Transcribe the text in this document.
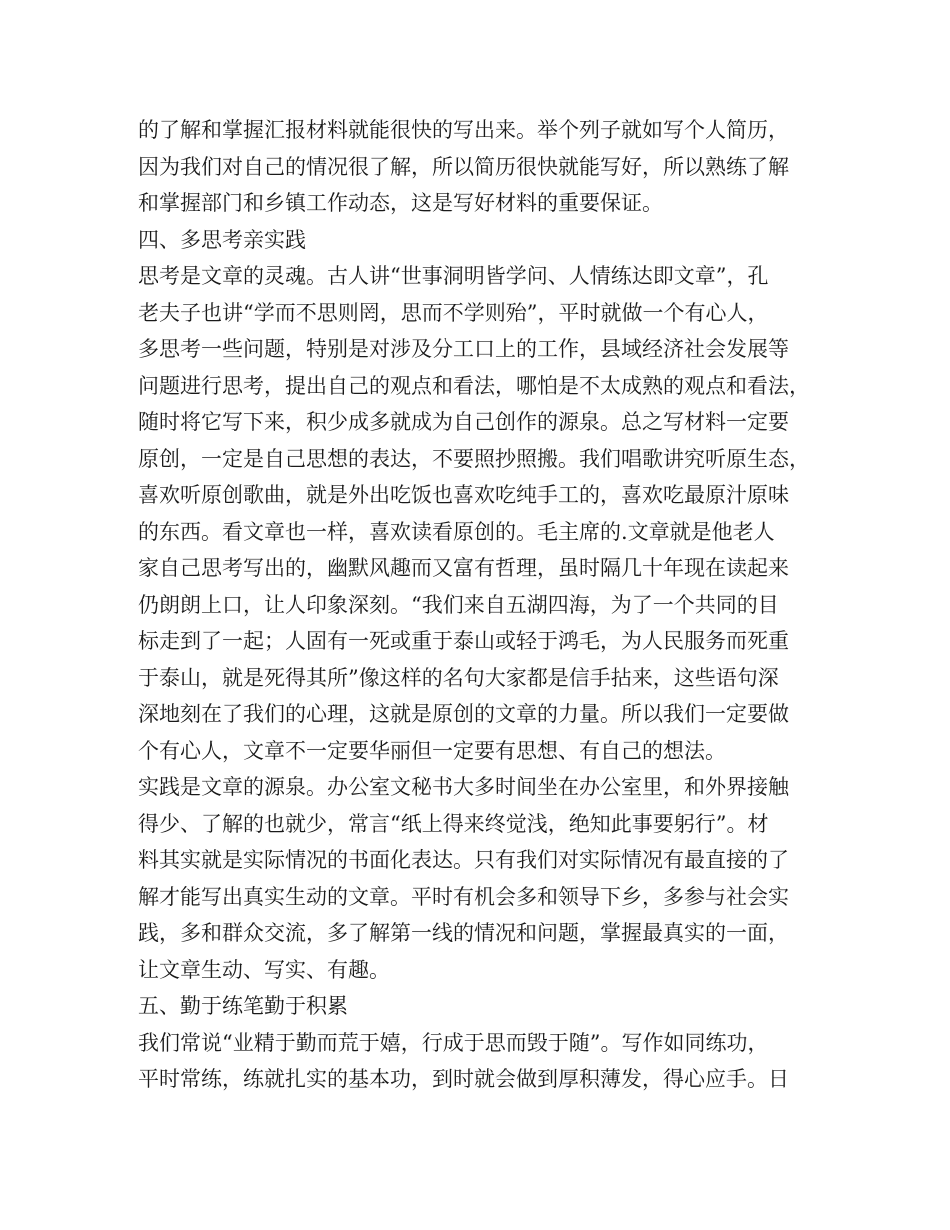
的了解和掌握汇报材料就能很快的写出来。举个列子就如写个人简历，
因为我们对自己的情况很了解，所以简历很快就能写好，所以熟练了解
和掌握部门和乡镇工作动态，这是写好材料的重要保证。
四、多思考亲实践
思考是文章的灵魂。古人讲“世事洞明皆学问、人情练达即文章”，孔
老夫子也讲“学而不思则罔，思而不学则殆”，平时就做一个有心人，
多思考一些问题，特别是对涉及分工口上的工作，县域经济社会发展等
问题进行思考，提出自己的观点和看法，哪怕是不太成熟的观点和看法，
随时将它写下来，积少成多就成为自己创作的源泉。总之写材料一定要
原创，一定是自己思想的表达，不要照抄照搬。我们唱歌讲究听原生态，
喜欢听原创歌曲，就是外出吃饭也喜欢吃纯手工的，喜欢吃最原汁原味
的东西。看文章也一样，喜欢读看原创的。毛主席的.文章就是他老人
家自己思考写出的，幽默风趣而又富有哲理，虽时隔几十年现在读起来
仍朗朗上口，让人印象深刻。“我们来自五湖四海，为了一个共同的目
标走到了一起；人固有一死或重于泰山或轻于鸿毛，为人民服务而死重
于泰山，就是死得其所”像这样的名句大家都是信手拈来，这些语句深
深地刻在了我们的心理，这就是原创的文章的力量。所以我们一定要做
个有心人，文章不一定要华丽但一定要有思想、有自己的想法。
实践是文章的源泉。办公室文秘书大多时间坐在办公室里，和外界接触
得少、了解的也就少，常言“纸上得来终觉浅，绝知此事要躬行”。材
料其实就是实际情况的书面化表达。只有我们对实际情况有最直接的了
解才能写出真实生动的文章。平时有机会多和领导下乡，多参与社会实
践，多和群众交流，多了解第一线的情况和问题，掌握最真实的一面，
让文章生动、写实、有趣。
五、勤于练笔勤于积累
我们常说“业精于勤而荒于嬉，行成于思而毁于随”。写作如同练功，
平时常练，练就扎实的基本功，到时就会做到厚积薄发，得心应手。日
